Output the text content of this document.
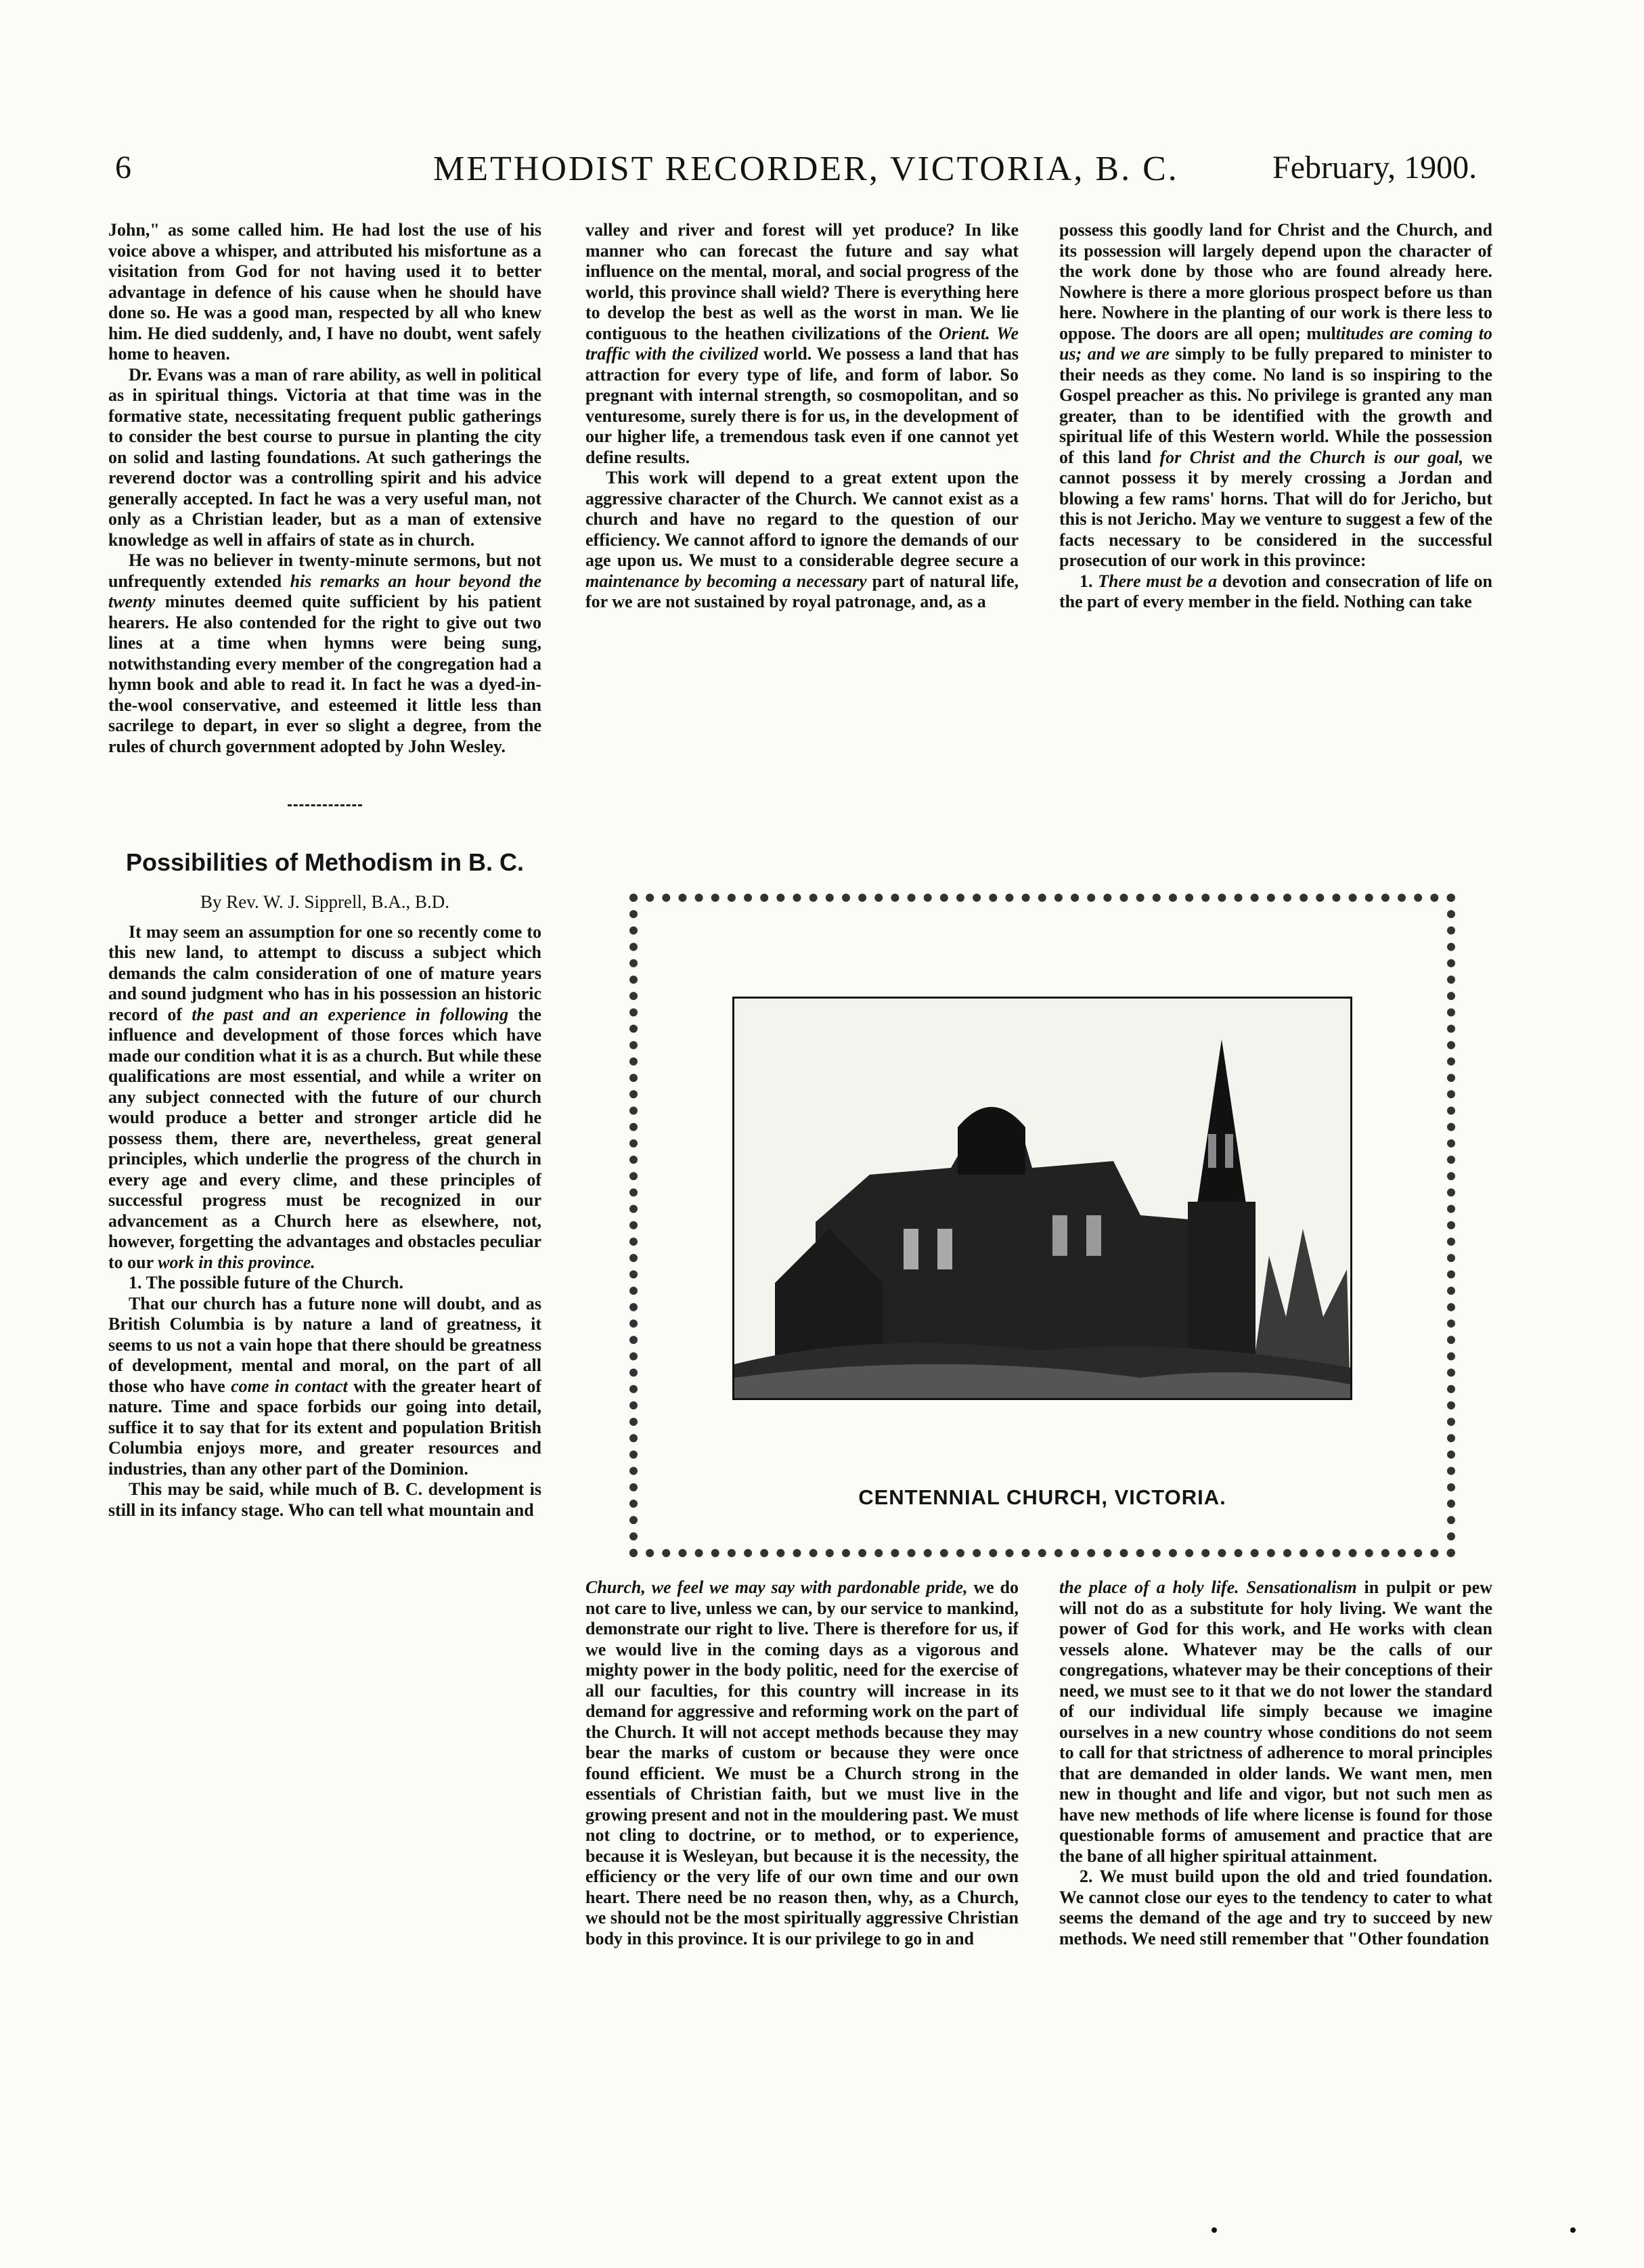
6	METHODIST RECORDER, VICTORIA, B. C.	February, 1900.

John," as some called him. He had lost the use of his voice above a whisper, and attributed his misfortune as a visitation from God for not having used it to better advantage in defence of his cause when he should have done so. He was a good man, respected by all who knew him. He died suddenly, and, I have no doubt, went safely home to heaven.

Dr. Evans was a man of rare ability, as well in political as in spiritual things. Victoria at that time was in the formative state, necessitating frequent public gatherings to consider the best course to pursue in planting the city on solid and lasting foundations. At such gatherings the reverend doctor was a controlling spirit and his advice generally accepted. In fact he was a very useful man, not only as a Christian leader, but as a man of extensive knowledge as well in affairs of state as in church.

He was no believer in twenty-minute sermons, but not unfrequently extended his remarks an hour beyond the twenty minutes deemed quite sufficient by his patient hearers. He also contended for the right to give out two lines at a time when hymns were being sung, notwithstanding every member of the congregation had a hymn book and able to read it. In fact he was a dyed-in-the-wool conservative, and esteemed it little less than sacrilege to depart, in ever so slight a degree, from the rules of church government adopted by John Wesley.

Possibilities of Methodism in B. C.
By Rev. W. J. Sipprell, B.A., B.D.

It may seem an assumption for one so recently come to this new land, to attempt to discuss a subject which demands the calm consideration of one of mature years and sound judgment who has in his possession an historic record of the past and an experience in following the influence and development of those forces which have made our condition what it is as a church. But while these qualifications are most essential, and while a writer on any subject connected with the future of our church would produce a better and stronger article did he possess them, there are, nevertheless, great general principles, which underlie the progress of the church in every age and every clime, and these principles of successful progress must be recognized in our advancement as a Church here as elsewhere, not, however, forgetting the advantages and obstacles peculiar to our work in this province.

1. The possible future of the Church.

That our church has a future none will doubt, and as British Columbia is by nature a land of greatness, it seems to us not a vain hope that there should be greatness of development, mental and moral, on the part of all those who have come in contact with the greater heart of nature. Time and space forbids our going into detail, suffice it to say that for its extent and population British Columbia enjoys more, and greater resources and industries, than any other part of the Dominion.

This may be said, while much of B. C. development is still in its infancy stage. Who can tell what mountain and

valley and river and forest will yet produce? In like manner who can forecast the future and say what influence on the mental, moral, and social progress of the world, this province shall wield? There is everything here to develop the best as well as the worst in man. We lie contiguous to the heathen civilizations of the Orient. We traffic with the civilized world. We possess a land that has attraction for every type of life, and form of labor. So pregnant with internal strength, so cosmopolitan, and so venturesome, surely there is for us, in the development of our higher life, a tremendous task even if one cannot yet define results.

This work will depend to a great extent upon the aggressive character of the Church. We cannot exist as a church and have no regard to the question of our efficiency. We cannot afford to ignore the demands of our age upon us. We must to a considerable degree secure a maintenance by becoming a necessary part of natural life, for we are not sustained by royal patronage, and, as a

possess this goodly land for Christ and the Church, and its possession will largely depend upon the character of the work done by those who are found already here. Nowhere is there a more glorious prospect before us than here. Nowhere in the planting of our work is there less to oppose. The doors are all open; multitudes are coming to us; and we are simply to be fully prepared to minister to their needs as they come. No land is so inspiring to the Gospel preacher as this. No privilege is granted any man greater, than to be identified with the growth and spiritual life of this Western world. While the possession of this land for Christ and the Church is our goal, we cannot possess it by merely crossing a Jordan and blowing a few rams' horns. That will do for Jericho, but this is not Jericho. May we venture to suggest a few of the facts necessary to be considered in the successful prosecution of our work in this province:

1. There must be a devotion and consecration of life on the part of every member in the field. Nothing can take

CENTENNIAL CHURCH, VICTORIA.

Church, we feel we may say with pardonable pride, we do not care to live, unless we can, by our service to mankind, demonstrate our right to live. There is therefore for us, if we would live in the coming days as a vigorous and mighty power in the body politic, need for the exercise of all our faculties, for this country will increase in its demand for aggressive and reforming work on the part of the Church. It will not accept methods because they may bear the marks of custom or because they were once found efficient. We must be a Church strong in the essentials of Christian faith, but we must live in the growing present and not in the mouldering past. We must not cling to doctrine, or to method, or to experience, because it is Wesleyan, but because it is the necessity, the efficiency or the very life of our own time and our own heart. There need be no reason then, why, as a Church, we should not be the most spiritually aggressive Christian body in this province. It is our privilege to go in and

the place of a holy life. Sensationalism in pulpit or pew will not do as a substitute for holy living. We want the power of God for this work, and He works with clean vessels alone. Whatever may be the calls of our congregations, whatever may be their conceptions of their need, we must see to it that we do not lower the standard of our individual life simply because we imagine ourselves in a new country whose conditions do not seem to call for that strictness of adherence to moral principles that are demanded in older lands. We want men, men new in thought and life and vigor, but not such men as have new methods of life where license is found for those questionable forms of amusement and practice that are the bane of all higher spiritual attainment.

2. We must build upon the old and tried foundation. We cannot close our eyes to the tendency to cater to what seems the demand of the age and try to succeed by new methods. We need still remember that "Other foundation
